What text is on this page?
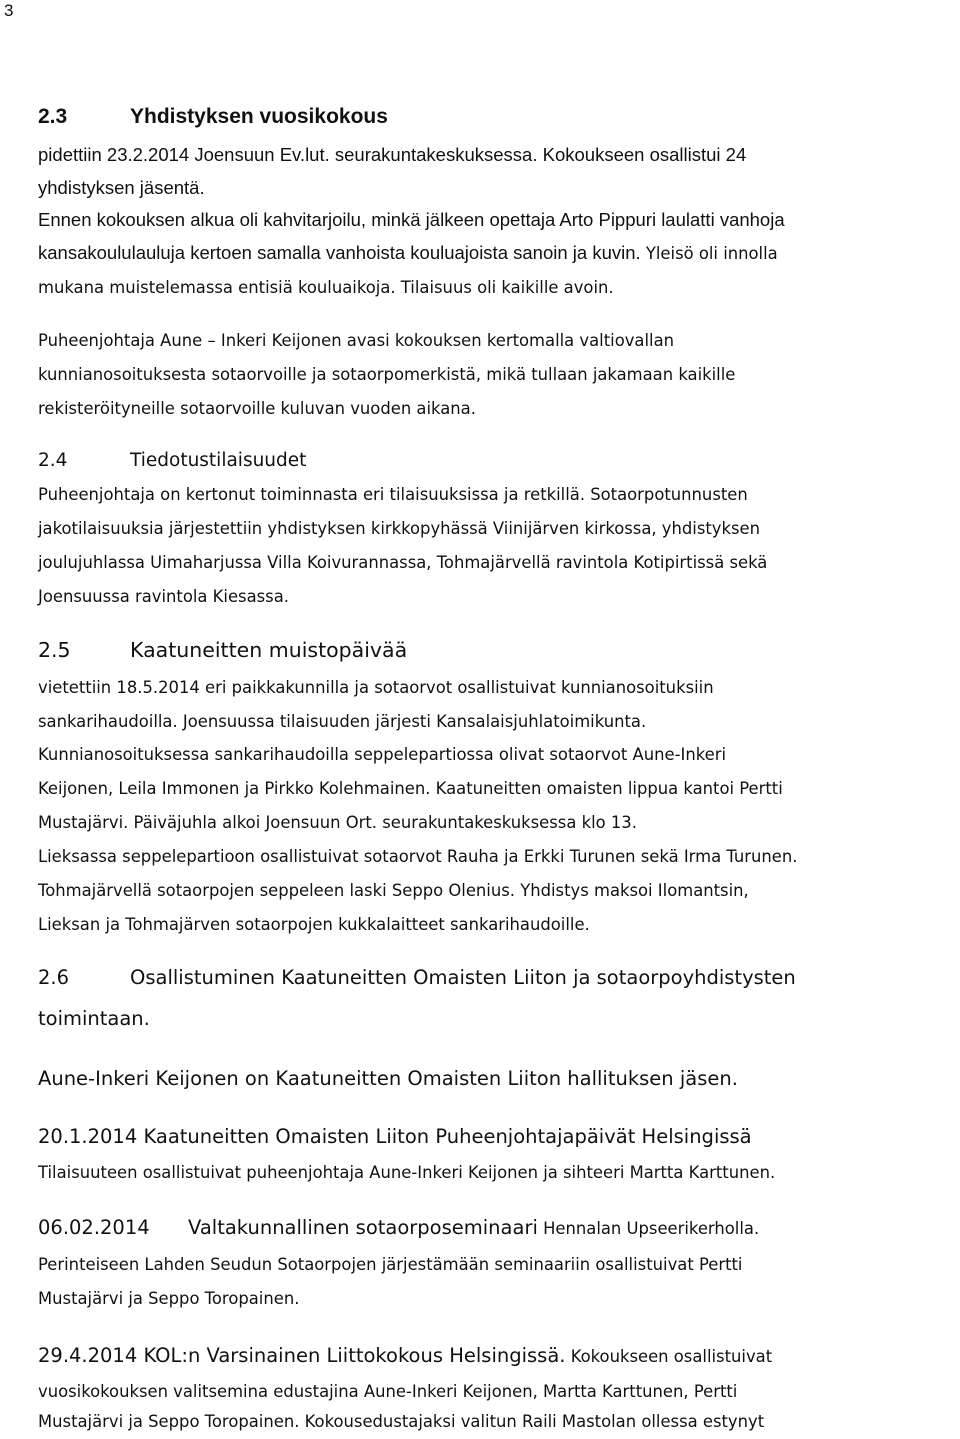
3
2.3	Yhdistyksen vuosikokous
pidettiin 23.2.2014 Joensuun Ev.lut. seurakuntakeskuksessa. Kokoukseen osallistui 24
yhdistyksen jäsentä.
Ennen kokouksen alkua oli kahvitarjoilu, minkä jälkeen opettaja Arto Pippuri laulatti vanhoja
kansakoululauluja kertoen samalla vanhoista kouluajoista sanoin ja kuvin. Yleisö oli innolla
mukana muistelemassa entisiä kouluaikoja. Tilaisuus oli kaikille avoin.
Puheenjohtaja Aune – Inkeri Keijonen avasi kokouksen kertomalla valtiovallan
kunnianosoituksesta sotaorvoille ja sotaorpomerkistä, mikä tullaan jakamaan kaikille
rekisteröityneille sotaorvoille kuluvan vuoden aikana.
2.4	Tiedotustilaisuudet
Puheenjohtaja on kertonut toiminnasta eri tilaisuuksissa ja retkillä. Sotaorpotunnusten
jakotilaisuuksia järjestettiin yhdistyksen kirkkopyhässä Viinijärven kirkossa, yhdistyksen
joulujuhlassa Uimaharjussa Villa Koivurannassa, Tohmajärvellä ravintola Kotipirtissä sekä
Joensuussa ravintola Kiesassa.
2.5	Kaatuneitten muistopäivää
vietettiin 18.5.2014 eri paikkakunnilla ja sotaorvot osallistuivat kunnianosoituksiin
sankarihaudoilla. Joensuussa tilaisuuden järjesti Kansalaisjuhlatoimikunta.
Kunnianosoituksessa sankarihaudoilla seppelepartiossa olivat sotaorvot Aune-Inkeri
Keijonen, Leila Immonen ja Pirkko Kolehmainen. Kaatuneitten omaisten lippua kantoi Pertti
Mustajärvi. Päiväjuhla alkoi Joensuun Ort. seurakuntakeskuksessa klo 13.
Lieksassa seppelepartioon osallistuivat sotaorvot Rauha ja Erkki Turunen sekä Irma Turunen.
Tohmajärvellä sotaorpojen seppeleen laski Seppo Olenius. Yhdistys maksoi Ilomantsin,
Lieksan ja Tohmajärven sotaorpojen kukkalaitteet sankarihaudoille.
2.6	Osallistuminen Kaatuneitten Omaisten Liiton ja sotaorpoyhdistysten
toimintaan.
Aune-Inkeri Keijonen on Kaatuneitten Omaisten Liiton hallituksen jäsen.
20.1.2014 Kaatuneitten Omaisten Liiton Puheenjohtajapäivät Helsingissä
Tilaisuuteen osallistuivat puheenjohtaja Aune-Inkeri Keijonen ja sihteeri Martta Karttunen.
06.02.2014 Valtakunnallinen sotaorposeminaari Hennalan Upseerikerholla.
Perinteiseen Lahden Seudun Sotaorpojen järjestämään seminaariin osallistuivat Pertti
Mustajärvi ja Seppo Toropainen.
29.4.2014 KOL:n Varsinainen Liittokokous Helsingissä. Kokoukseen osallistuivat
vuosikokouksen valitsemina edustajina Aune-Inkeri Keijonen, Martta Karttunen, Pertti
Mustajärvi ja Seppo Toropainen. Kokousedustajaksi valitun Raili Mastolan ollessa estynyt
